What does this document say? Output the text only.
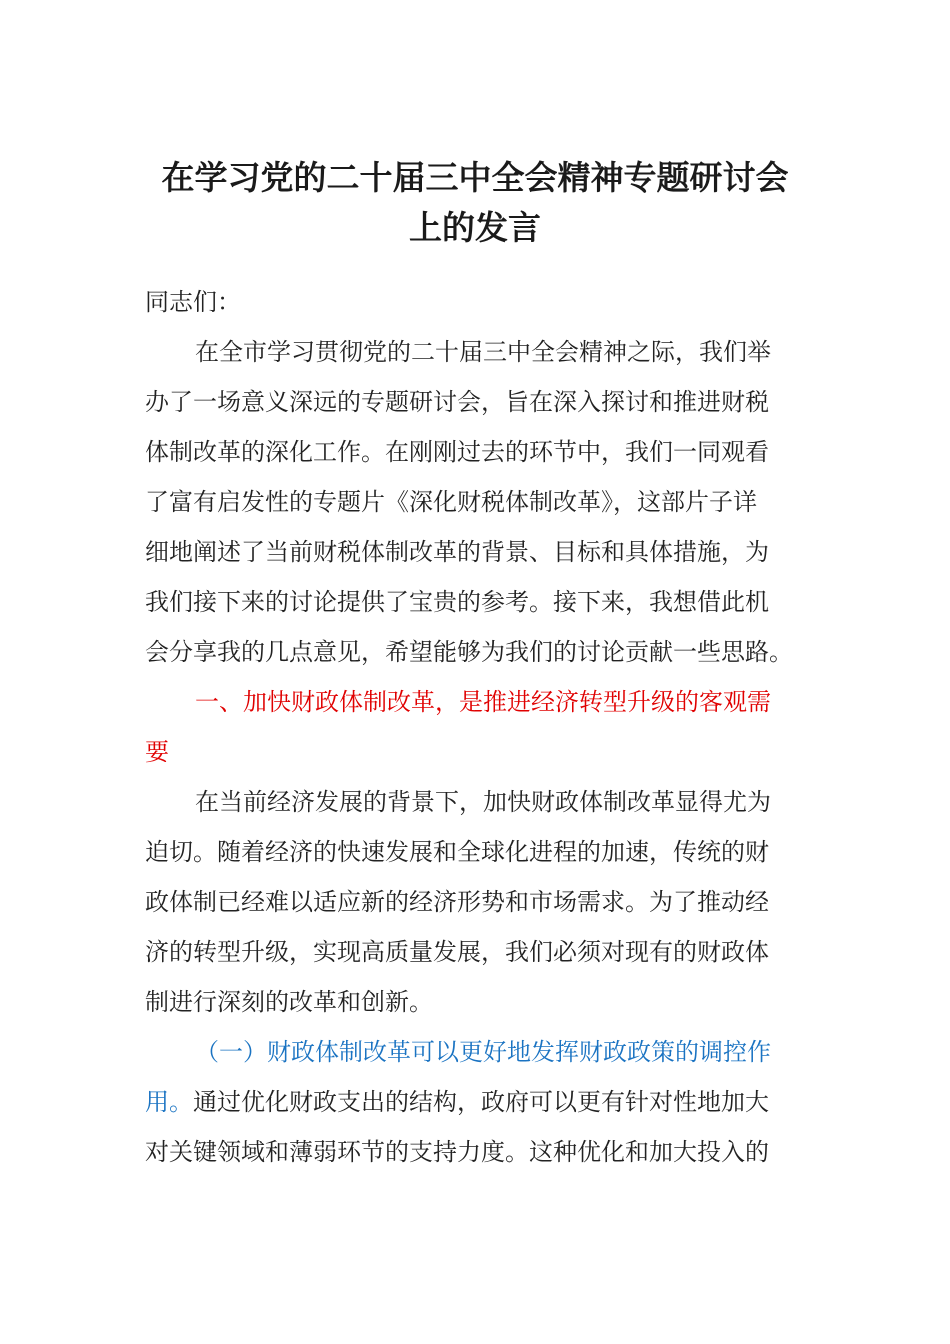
在学习党的二十届三中全会精神专题研讨会
上的发言
同志们：
在全市学习贯彻党的二十届三中全会精神之际，我们举
办了一场意义深远的专题研讨会，旨在深入探讨和推进财税
体制改革的深化工作。在刚刚过去的环节中，我们一同观看
了富有启发性的专题片《深化财税体制改革》，这部片子详
细地阐述了当前财税体制改革的背景、目标和具体措施，为
我们接下来的讨论提供了宝贵的参考。接下来，我想借此机
会分享我的几点意见，希望能够为我们的讨论贡献一些思路。
一、加快财政体制改革，是推进经济转型升级的客观需
要
在当前经济发展的背景下，加快财政体制改革显得尤为
迫切。随着经济的快速发展和全球化进程的加速，传统的财
政体制已经难以适应新的经济形势和市场需求。为了推动经
济的转型升级，实现高质量发展，我们必须对现有的财政体
制进行深刻的改革和创新。
（一）财政体制改革可以更好地发挥财政政策的调控作
用。通过优化财政支出的结构，政府可以更有针对性地加大
对关键领域和薄弱环节的支持力度。这种优化和加大投入的
